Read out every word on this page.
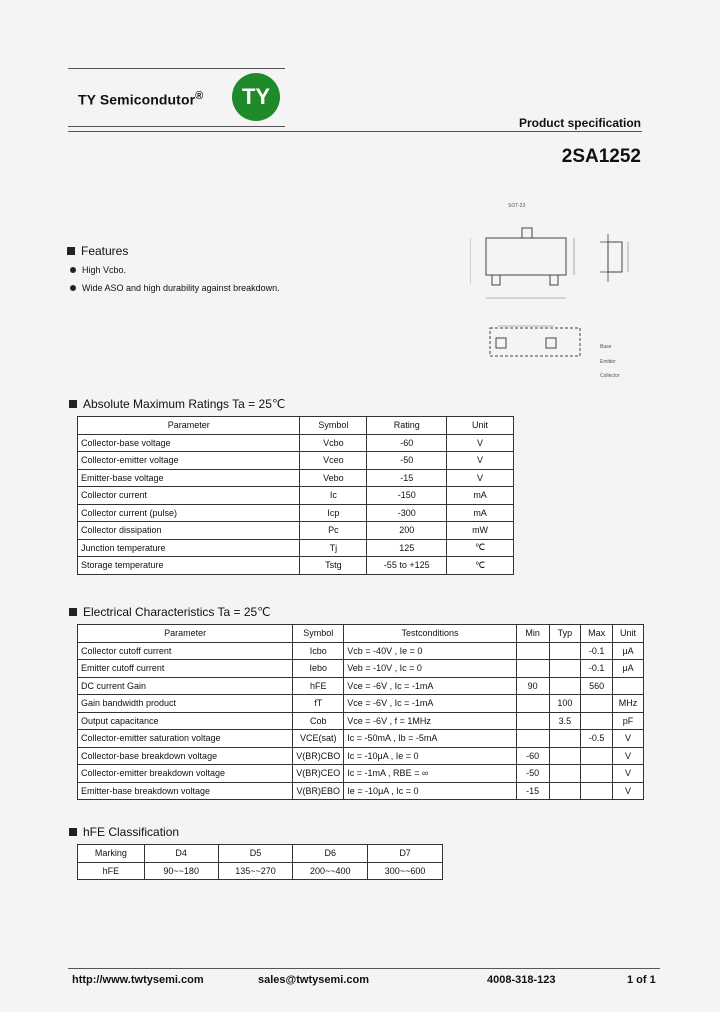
TY Semicondutor® TY
Product specification
2SA1252
SOT-23
Base
Emitter
Collector
Features
High Vcbo.
Wide ASO and high durability against breakdown.
Absolute Maximum Ratings Ta = 25℃
Parameter	Symbol	Rating	Unit
Collector-base voltage	Vcbo	-60	V
Collector-emitter voltage	Vceo	-50	V
Emitter-base voltage	Vebo	-15	V
Collector current	Ic	-150	mA
Collector current (pulse)	Icp	-300	mA
Collector dissipation	Pc	200	mW
Junction temperature	Tj	125	℃
Storage temperature	Tstg	-55 to +125	℃
Electrical Characteristics Ta = 25℃
Parameter	Symbol	Testconditions	Min	Typ	Max	Unit
Collector cutoff current	Icbo	Vcb = -40V , Ie = 0			-0.1	μA
Emitter cutoff current	Iebo	Veb = -10V , Ic = 0			-0.1	μA
DC current Gain	hFE	Vce = -6V , Ic = -1mA	90		560	
Gain bandwidth product	fT	Vce = -6V , Ic = -1mA		100		MHz
Output capacitance	Cob	Vce = -6V , f = 1MHz		3.5		pF
Collector-emitter saturation voltage	VCE(sat)	Ic = -50mA , Ib = -5mA			-0.5	V
Collector-base breakdown voltage	V(BR)CBO	Ic = -10μA , Ie = 0	-60			V
Collector-emitter breakdown voltage	V(BR)CEO	Ic = -1mA , RBE = ∞	-50			V
Emitter-base breakdown voltage	V(BR)EBO	Ie = -10μA , Ic = 0	-15			V
hFE Classification
Marking	D4	D5	D6	D7
hFE	90~~180	135~~270	200~~400	300~~600
http://www.twtysemi.com	sales@twtysemi.com	4008-318-123	1 of 1
